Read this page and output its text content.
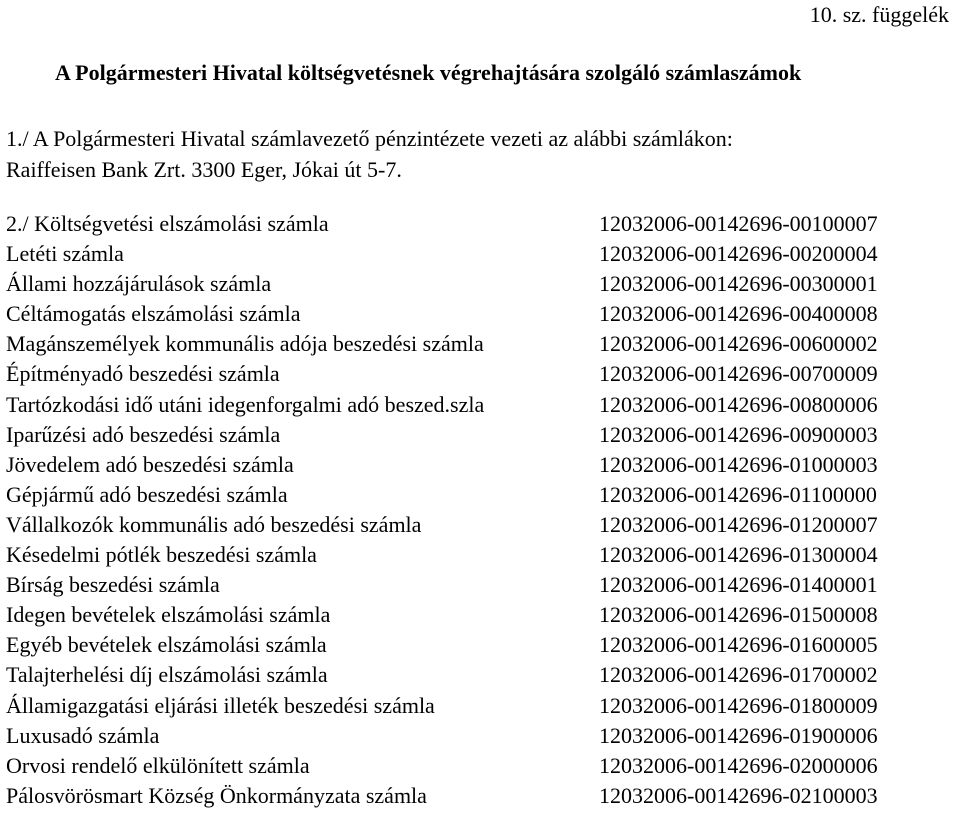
10. sz. függelék
A Polgármesteri Hivatal költségvetésnek végrehajtására szolgáló számlaszámok
1./ A Polgármesteri Hivatal számlavezető pénzintézete vezeti az alábbi számlákon:
Raiffeisen Bank Zrt. 3300 Eger, Jókai út 5-7.
2./ Költségvetési elszámolási számla	12032006-00142696-00100007
Letéti számla	12032006-00142696-00200004
Állami hozzájárulások számla	12032006-00142696-00300001
Céltámogatás elszámolási számla	12032006-00142696-00400008
Magánszemélyek kommunális adója beszedési számla	12032006-00142696-00600002
Építményadó beszedési számla	12032006-00142696-00700009
Tartózkodási idő utáni idegenforgalmi adó beszed.szla	12032006-00142696-00800006
Iparűzési adó beszedési számla	12032006-00142696-00900003
Jövedelem adó beszedési számla	12032006-00142696-01000003
Gépjármű adó beszedési számla	12032006-00142696-01100000
Vállalkozók kommunális adó beszedési számla	12032006-00142696-01200007
Késedelmi pótlék beszedési számla	12032006-00142696-01300004
Bírság beszedési számla	12032006-00142696-01400001
Idegen bevételek elszámolási számla	12032006-00142696-01500008
Egyéb bevételek elszámolási számla	12032006-00142696-01600005
Talajterhelési díj elszámolási számla	12032006-00142696-01700002
Államigazgatási eljárási illeték beszedési számla	12032006-00142696-01800009
Luxusadó számla	12032006-00142696-01900006
Orvosi rendelő elkülönített számla	12032006-00142696-02000006
Pálosvörösmart Község Önkormányzata számla	12032006-00142696-02100003
